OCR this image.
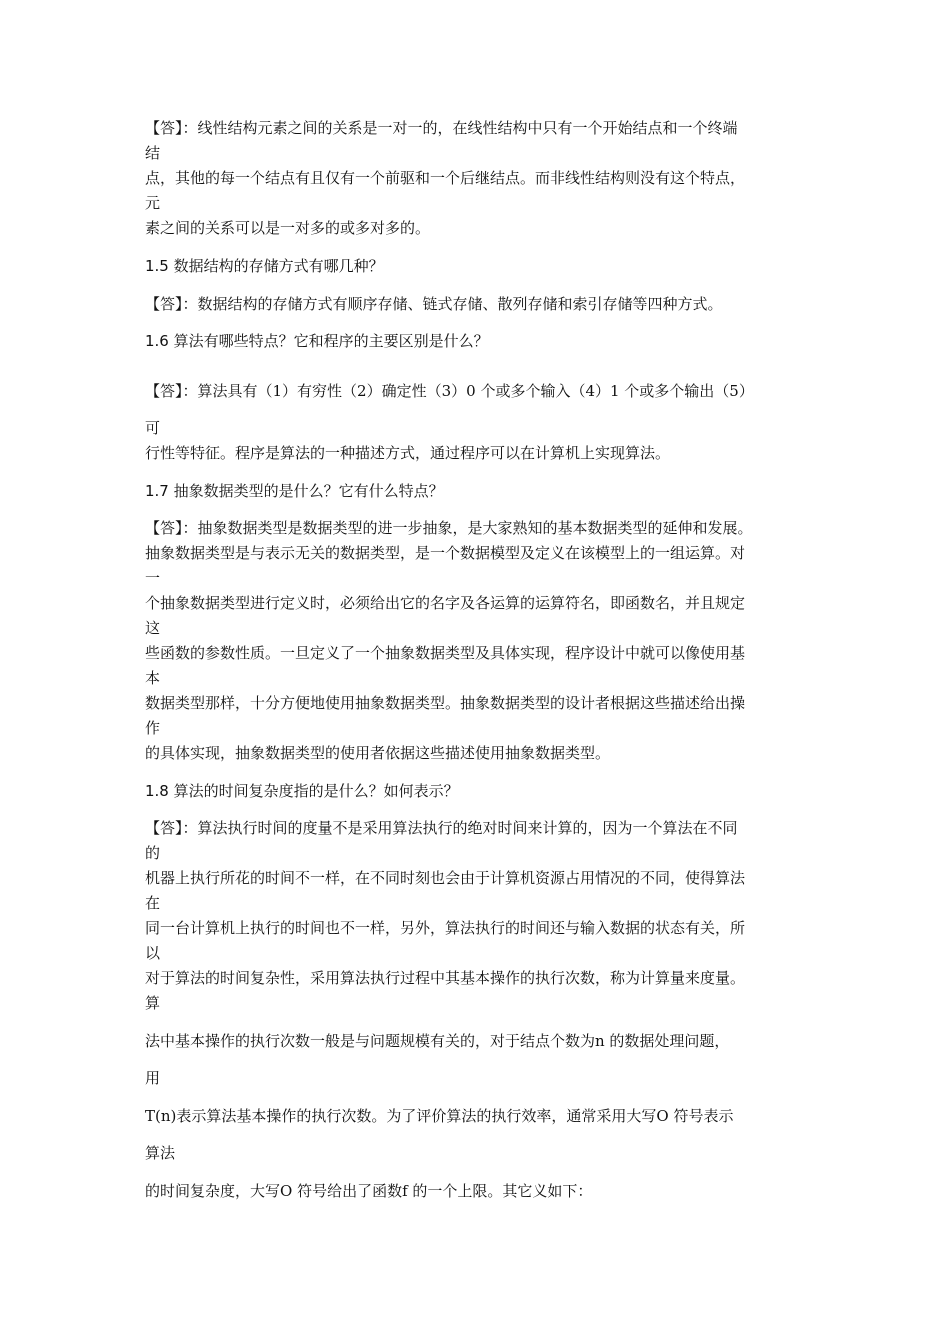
【答】：线性结构元素之间的关系是一对一的，在线性结构中只有一个开始结点和一个终端
结
点，其他的每一个结点有且仅有一个前驱和一个后继结点。而非线性结构则没有这个特点，
元
素之间的关系可以是一对多的或多对多的。
1.5 数据结构的存储方式有哪几种？
【答】：数据结构的存储方式有顺序存储、链式存储、散列存储和索引存储等四种方式。
1.6 算法有哪些特点？它和程序的主要区别是什么？
【答】：算法具有（1）有穷性（2）确定性（3）0 个或多个输入（4）1 个或多个输出（5）
可
行性等特征。程序是算法的一种描述方式，通过程序可以在计算机上实现算法。
1.7 抽象数据类型的是什么？它有什么特点？
【答】：抽象数据类型是数据类型的进一步抽象，是大家熟知的基本数据类型的延伸和发展。
抽象数据类型是与表示无关的数据类型，是一个数据模型及定义在该模型上的一组运算。对
一
个抽象数据类型进行定义时，必须给出它的名字及各运算的运算符名，即函数名，并且规定
这
些函数的参数性质。一旦定义了一个抽象数据类型及具体实现，程序设计中就可以像使用基
本
数据类型那样，十分方便地使用抽象数据类型。抽象数据类型的设计者根据这些描述给出操
作
的具体实现，抽象数据类型的使用者依据这些描述使用抽象数据类型。
1.8 算法的时间复杂度指的是什么？如何表示？
【答】：算法执行时间的度量不是采用算法执行的绝对时间来计算的，因为一个算法在不同
的
机器上执行所花的时间不一样，在不同时刻也会由于计算机资源占用情况的不同，使得算法
在
同一台计算机上执行的时间也不一样，另外，算法执行的时间还与输入数据的状态有关，所
以
对于算法的时间复杂性，采用算法执行过程中其基本操作的执行次数，称为计算量来度量。
算
法中基本操作的执行次数一般是与问题规模有关的，对于结点个数为n 的数据处理问题，
用
T(n)表示算法基本操作的执行次数。为了评价算法的执行效率，通常采用大写O 符号表示
算法
的时间复杂度，大写O 符号给出了函数f 的一个上限。其它义如下：
